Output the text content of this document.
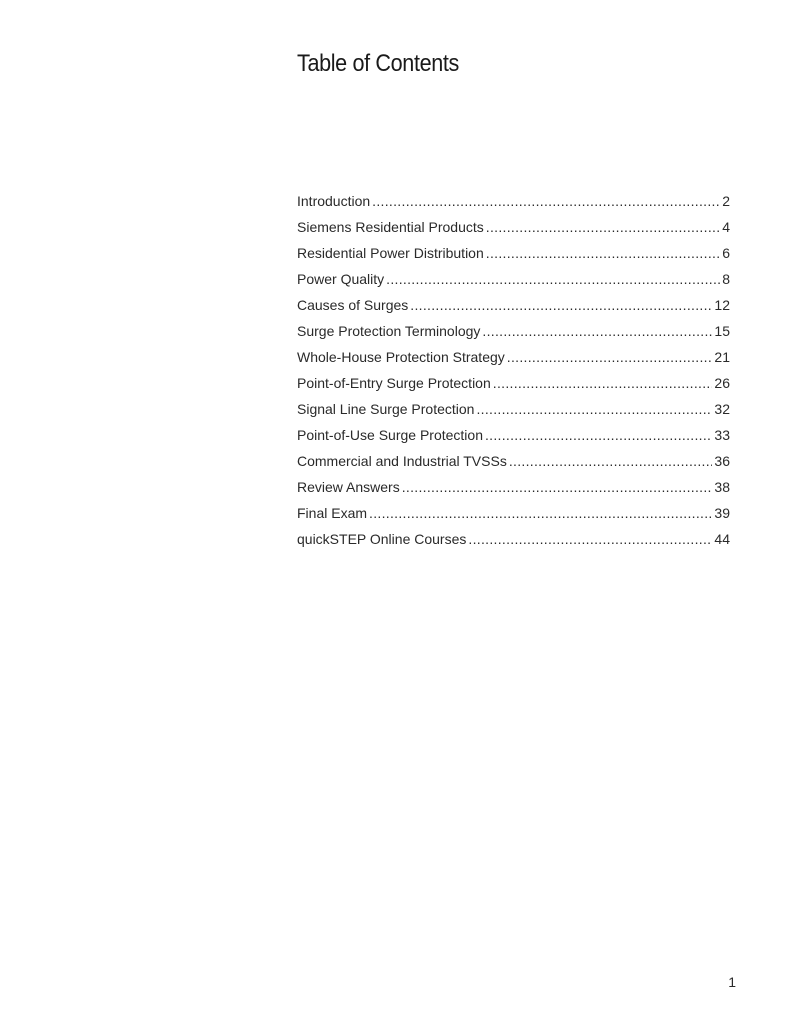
Table of Contents
Introduction .....	2
Siemens Residential Products .....	4
Residential Power Distribution .....	6
Power Quality .....	8
Causes of Surges .....	12
Surge Protection Terminology .....	15
Whole-House Protection Strategy .....	21
Point-of-Entry Surge Protection .....	26
Signal Line Surge Protection .....	32
Point-of-Use Surge Protection .....	33
Commercial and Industrial TVSSs .....	36
Review Answers .....	38
Final Exam .....	39
quickSTEP Online Courses .....	44
1
